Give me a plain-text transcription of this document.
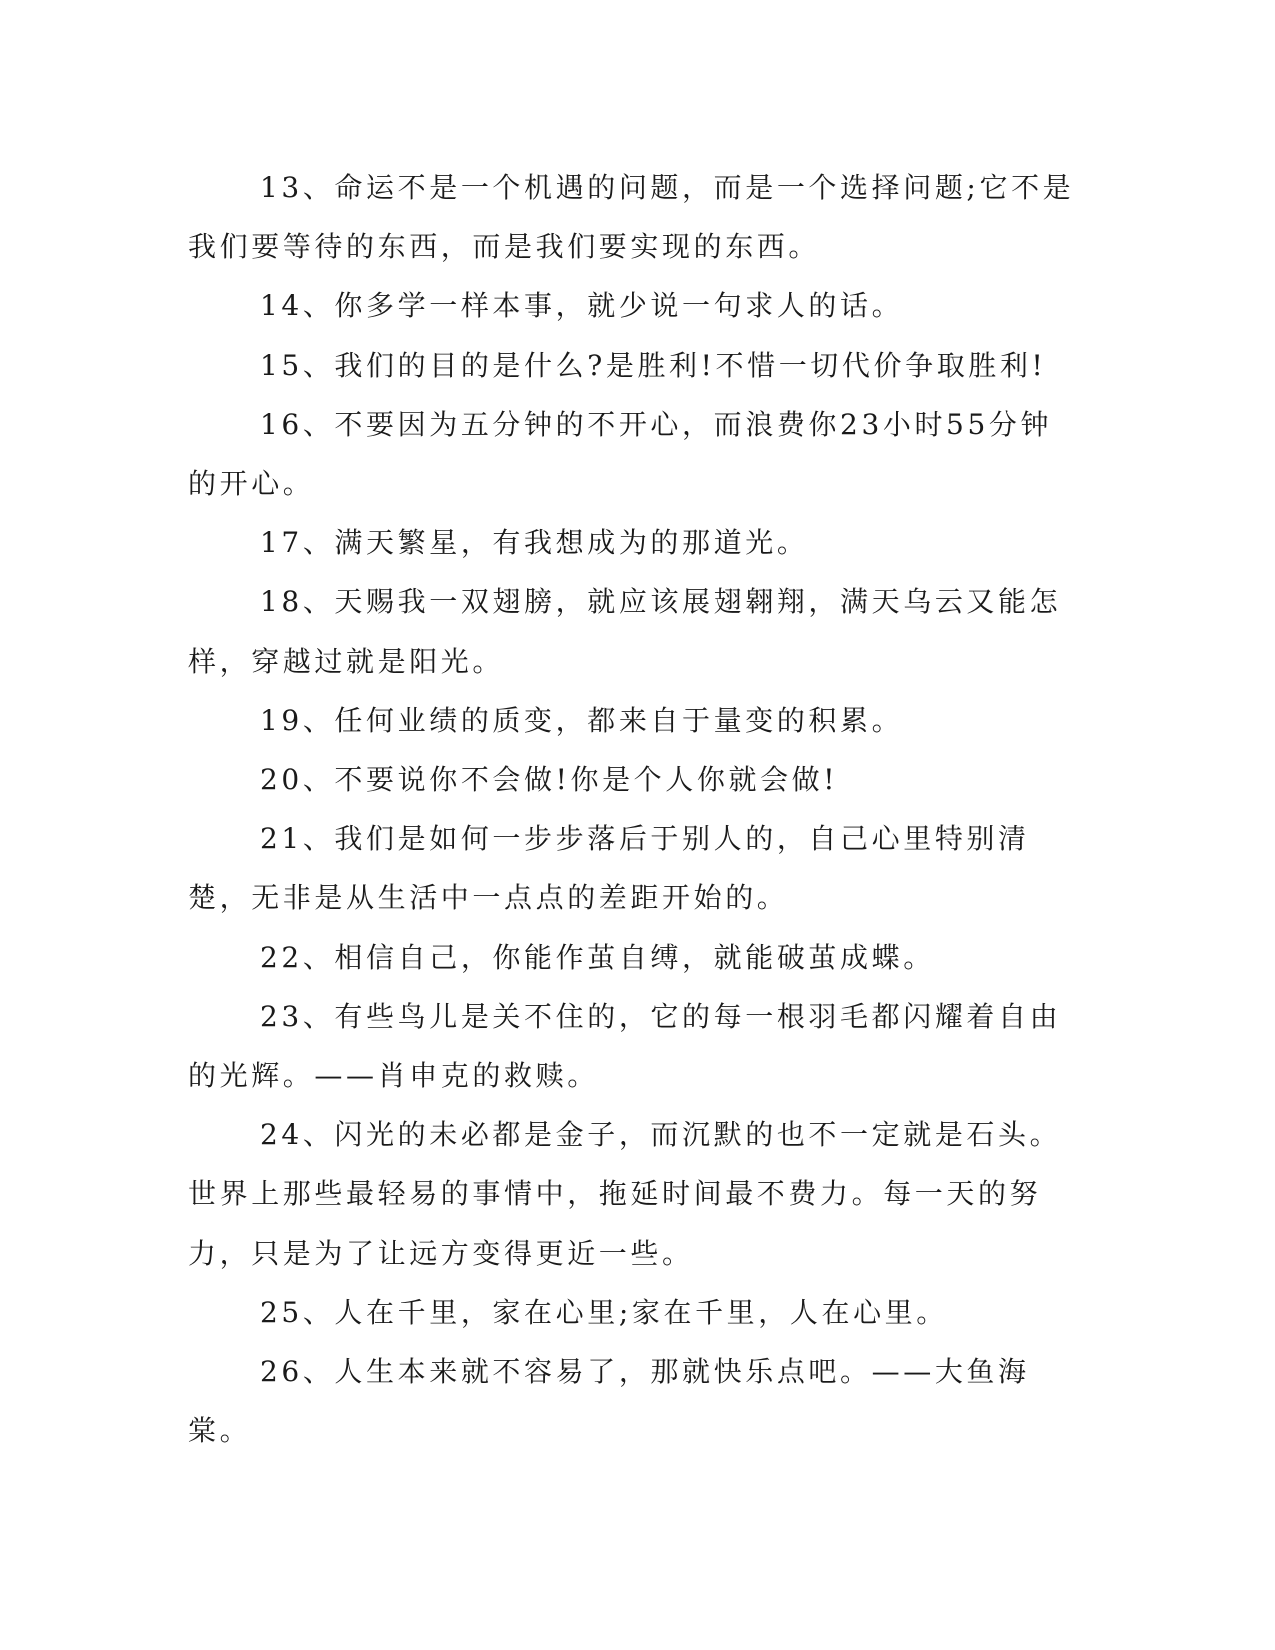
13、命运不是一个机遇的问题，而是一个选择问题;它不是我们要等待的东西，而是我们要实现的东西。

14、你多学一样本事，就少说一句求人的话。

15、我们的目的是什么?是胜利!不惜一切代价争取胜利!

16、不要因为五分钟的不开心，而浪费你23小时55分钟的开心。

17、满天繁星，有我想成为的那道光。

18、天赐我一双翅膀，就应该展翅翱翔，满天乌云又能怎样，穿越过就是阳光。

19、任何业绩的质变，都来自于量变的积累。

20、不要说你不会做!你是个人你就会做!

21、我们是如何一步步落后于别人的，自己心里特别清楚，无非是从生活中一点点的差距开始的。

22、相信自己，你能作茧自缚，就能破茧成蝶。

23、有些鸟儿是关不住的，它的每一根羽毛都闪耀着自由的光辉。——肖申克的救赎。

24、闪光的未必都是金子，而沉默的也不一定就是石头。世界上那些最轻易的事情中，拖延时间最不费力。每一天的努力，只是为了让远方变得更近一些。

25、人在千里，家在心里;家在千里，人在心里。

26、人生本来就不容易了，那就快乐点吧。——大鱼海棠。
